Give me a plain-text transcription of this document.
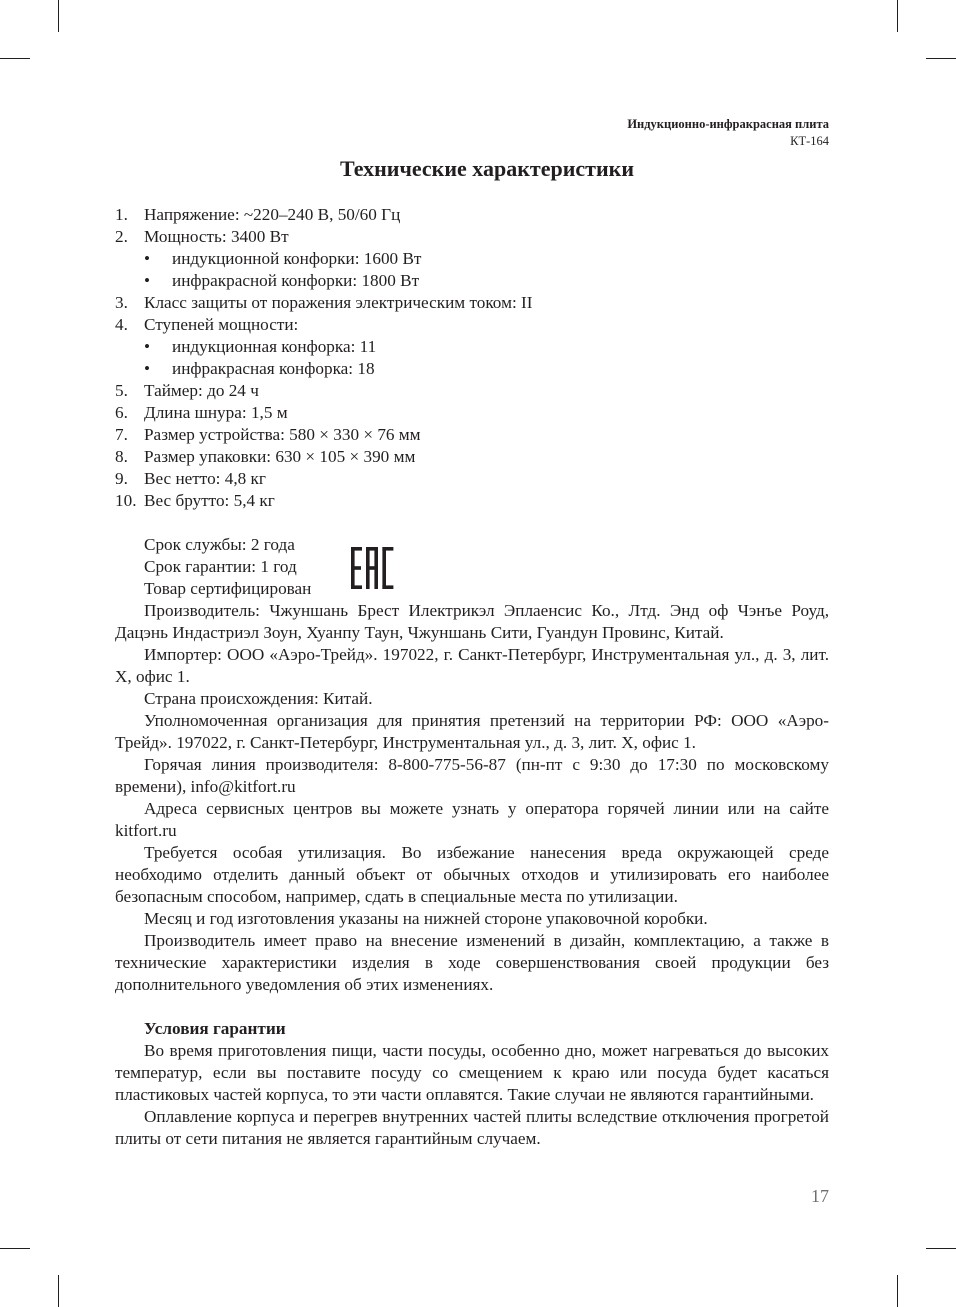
Индукционно-инфракрасная плита
КТ-164
Технические характеристики
1. Напряжение: ~220–240 В, 50/60 Гц
2. Мощность: 3400 Вт
• индукционной конфорки: 1600 Вт
• инфракрасной конфорки: 1800 Вт
3. Класс защиты от поражения электрическим током: II
4. Ступеней мощности:
• индукционная конфорка: 11
• инфракрасная конфорка: 18
5. Таймер: до 24 ч
6. Длина шнура: 1,5 м
7. Размер устройства: 580 × 330 × 76 мм
8. Размер упаковки: 630 × 105 × 390 мм
9. Вес нетто: 4,8 кг
10. Вес брутто: 5,4 кг

Срок службы: 2 года

Срок гарантии: 1 год

Товар сертифицирован

Производитель: Чжуншань Брест Илектрикэл Эплаенсис Ко., Лтд. Энд оф Чэнъе Роуд, Дацэнь Индастриэл Зоун, Хуанпу Таун, Чжуншань Сити, Гуандун Провинс, Китай.

Импортер: ООО «Аэро-Трейд». 197022, г. Санкт-Петербург, Инструментальная ул., д. 3, лит. Х, офис 1.

Страна происхождения: Китай.

Уполномоченная организация для принятия претензий на территории РФ: ООО «Аэро-Трейд». 197022, г. Санкт-Петербург, Инструментальная ул., д. 3, лит. Х, офис 1.

Горячая линия производителя: 8-800-775-56-87 (пн-пт с 9:30 до 17:30 по московскому времени), info@kitfort.ru

Адреса сервисных центров вы можете узнать у оператора горячей линии или на сайте kitfort.ru

Требуется особая утилизация. Во избежание нанесения вреда окружающей среде необходимо отделить данный объект от обычных отходов и утилизировать его наиболее безопасным способом, например, сдать в специальные места по утилизации.

Месяц и год изготовления указаны на нижней стороне упаковочной коробки.

Производитель имеет право на внесение изменений в дизайн, комплектацию, а также в технические характеристики изделия в ходе совершенствования своей продукции без дополнительного уведомления об этих изменениях.

Условия гарантии

Во время приготовления пищи, части посуды, особенно дно, может нагреваться до высоких температур, если вы поставите посуду со смещением к краю или посуда будет касаться пластиковых частей корпуса, то эти части оплавятся. Такие случаи не являются гарантийными.

Оплавление корпуса и перегрев внутренних частей плиты вследствие отключения прогретой плиты от сети питания не является гарантийным случаем.

17
